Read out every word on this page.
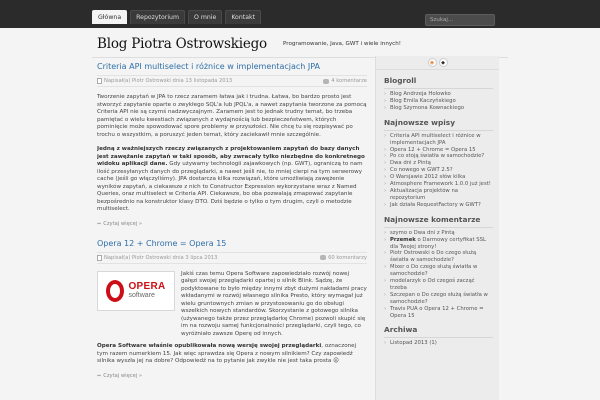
Główna	Repozytorium	O mnie	Kontakt
Szukaj...
Blog Piotra Ostrowskiego	Programowanie, Java, GWT i wiele innych!
Criteria API multiselect i różnice w implementacjach JPA
Napisał(a) Piotr Ostrowski dnia 13 listopada 2013	4 komentarze

Tworzenie zapytań w JPA to rzecz zaramem łatwa jak i trudna. Łatwa, bo bardzo prosto jest stworzyć zapytanie oparte o zwykłego SQL'a lub JPQL'a, a nawet zapytania tworzone za pomocą Criteria API nie są czymś nadzwyczajnym. Zaramem jest to jednak trudny temat, bo trzeba pamiętać o wielu kwestiach związanych z wydajnością lub bezpieczeństwem, których pominięcie może spowodować spore problemy w przyszłości. Nie chcę tu się rozpisywać po trochu o wszystkim, a poruszyć jeden temat, który zaciekawił mnie szczególnie.

Jedną z ważniejszych rzeczy związanych z projektowaniem zapytań do bazy danych jest zawężanie zapytań w taki sposób, aby zwracały tylko niezbędne do konkretnego widoku aplikacji dane. Gdy używamy technologii zajawkowych (np. GWT), ograniczą to nam ilość przesyłanych danych do przeglądarki, a nawet jeśli nie, to mniej cierpi na tym serwerowy cache (jeśli go włączyliśmy). JPA dostarcza kilka rozwiązań, które umożliwiają zawężenie wyników zapytań, a ciekawsze z nich to Constructor Expression wykorzystane wraz z Named Queries, oraz multiselect w Criteria API. Ciekawsze, bo oba pozwalają zmapować zapytanie bezpośrednio na konstruktor klasy DTO. Dziś będzie o tylko o tym drugim, czyli o metodzie multiselect.

➥ Czytaj więcej »
Opera 12 + Chrome = Opera 15
Napisał(a) Piotr Ostrowski dnia 3 lipca 2013	60 komentarzy
OPERA
software

Jakiś czas temu Opera Software zapowiedziało rozwój nowej gałęzi swojej przeglądarki opartej o silnik Blink. Sądzę, że podyktowane to było między innymi zbyt dużymi nakładami pracy wkładanymi w rozwój własnego silnika Presto, który wymagał już wielu gruntownych zmian w przystosowaniu go do obsługi wszelkich nowych standardów. Skorzystanie z gotowego silnika (używanego także przez przeglądarkę Chrome) pozwoli skupić się im na rozwoju samej funkcjonalności przeglądarki, czyli tego, co wyróżniało zawsze Operę od innych.

Opera Software właśnie opublikowała nową wersję swojej przeglądarki, oznaczonej tym razem numerkiem 15. Jak więc sprawdza się Opera z nowym silnikiem? Czy zapowiedź silnika wyszła jej na dobre? Odpowiedź na to pytanie jak zwykle nie jest taka prosta 😜

➥ Czytaj więcej »
◉	◆
Blogroll
› Blog Andrzeja Holowko
› Blog Emila Kaczyńskiego
› Blog Szymona Kownackiego
Najnowsze wpisy
› Criteria API multiselect i różnice w implementacjach JPA
› Opera 12 + Chrome = Opera 15
› Po co stoją światła w samochodzie?
› Dwa dni z Pintą
› Co nowego w GWT 2.5?
› O Warsjawie 2012 słów kilka
› Atmosphere Framework 1.0.0 już jest!
› Aktualizacja projektów na repozytorium
› Jak działa RequestFactory w GWT?
Najnowsze komentarze
› szymo o Dwa dni z Pintą
› Przemek o Darmowy certyfikat SSL dla Twojej strony!
› Piotr Ostrowski o Do czego służą światła w samochodzie?
› Mixer o Do czego służą światła w samochodzie?
› modelarzyk o Od czegoś zacząć trzeba
› Szczepan o Do czego służą światła w samochodzie?
› Travis PUA o Opera 12 + Chrome = Opera 15
Archiwa
› Listopad 2013 (1)
